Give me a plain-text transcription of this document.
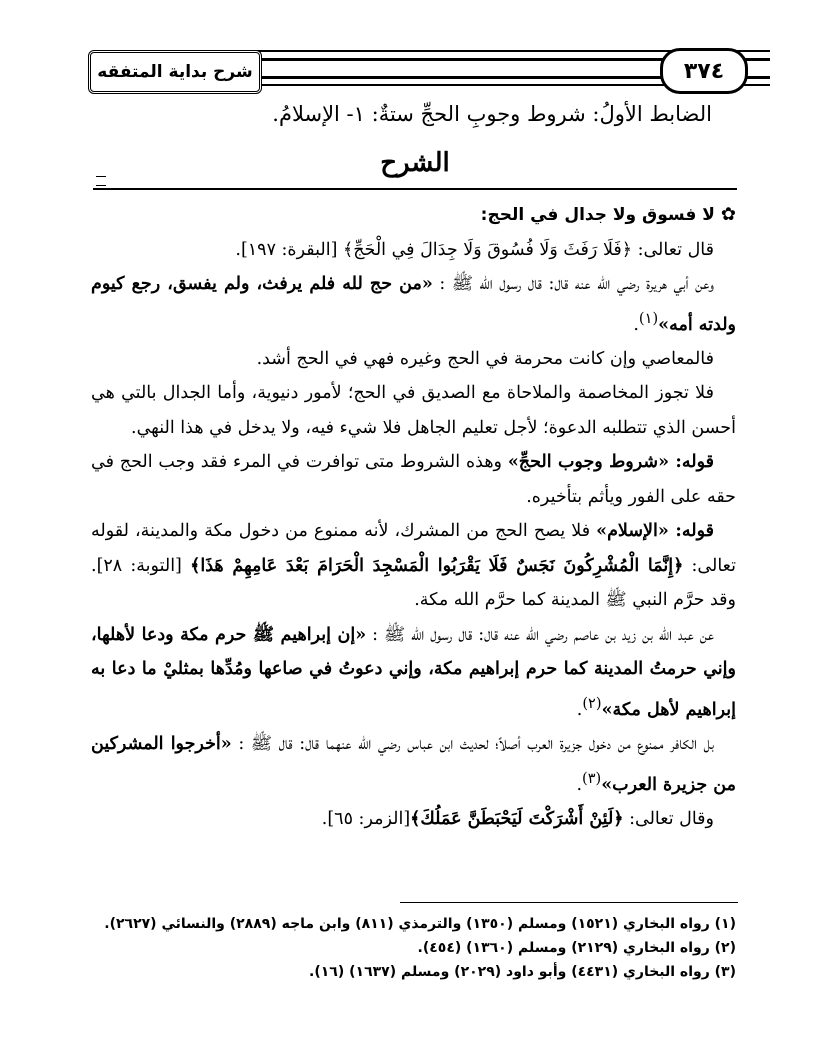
شرح بداية المتفقه	٣٧٤
الضابط الأولُ: شروط وجوبِ الحجِّ ستةٌ: ١- الإسلامُ.
الشرح

✿لا فسوق ولا جدال في الحج:

قال تعالى: ﴿فَلَا رَفَثَ وَلَا فُسُوقَ وَلَا جِدَالَ فِي الْحَجِّ﴾ [البقرة: ١٩٧].

وعن أبي هريرة رضي الله عنه قال: قال رسول الله ﷺ : «من حج لله فلم يرفث، ولم يفسق، رجع كيوم ولدته أمه»$^{(١)}$.

فالمعاصي وإن كانت محرمة في الحج وغيره فهي في الحج أشد.

فلا تجوز المخاصمة والملاحاة مع الصديق في الحج؛ لأمور دنيوية، وأما الجدال بالتي هي أحسن الذي تتطلبه الدعوة؛ لأجل تعليم الجاهل فلا شيء فيه، ولا يدخل في هذا النهي.

قوله: «شروط وجوب الحجِّ» وهذه الشروط متى توافرت في المرء فقد وجب الحج في حقه على الفور ويأثم بتأخيره.

قوله: «الإسلام» فلا يصح الحج من المشرك، لأنه ممنوع من دخول مكة والمدينة، لقوله تعالى: ﴿إِنَّمَا الْمُشْرِكُونَ نَجَسٌ فَلَا يَقْرَبُوا الْمَسْجِدَ الْحَرَامَ بَعْدَ عَامِهِمْ هَذَا﴾ [التوبة: ٢٨]. وقد حرَّم النبي ﷺ المدينة كما حرَّم الله مكة.

عن عبد الله بن زيد بن عاصم رضي الله عنه قال: قال رسول الله ﷺ : «إن إبراهيم ﷺ حرم مكة ودعا لأهلها، وإني حرمتُ المدينة كما حرم إبراهيم مكة، وإني دعوتُ في صاعها ومُدِّها بمثليْ ما دعا به إبراهيم لأهل مكة»$^{(٢)}$.

بل الكافر ممنوع من دخول جزيرة العرب أصلاً؛ لحديث ابن عباس رضي الله عنهما قال: قال ﷺ : «أخرجوا المشركين من جزيرة العرب»$^{(٣)}$.

وقال تعالى: ﴿لَئِنْ أَشْرَكْتَ لَيَحْبَطَنَّ عَمَلُكَ﴾[الزمر: ٦٥].

(١) رواه البخاري (١٥٢١) ومسلم (١٣٥٠) والترمذي (٨١١) وابن ماجه (٢٨٨٩) والنسائي (٢٦٢٧).
(٢) رواه البخاري (٢١٢٩) ومسلم (١٣٦٠) (٤٥٤).
(٣) رواه البخاري (٤٤٣١) وأبو داود (٢٠٢٩) ومسلم (١٦٣٧) (١٦).
